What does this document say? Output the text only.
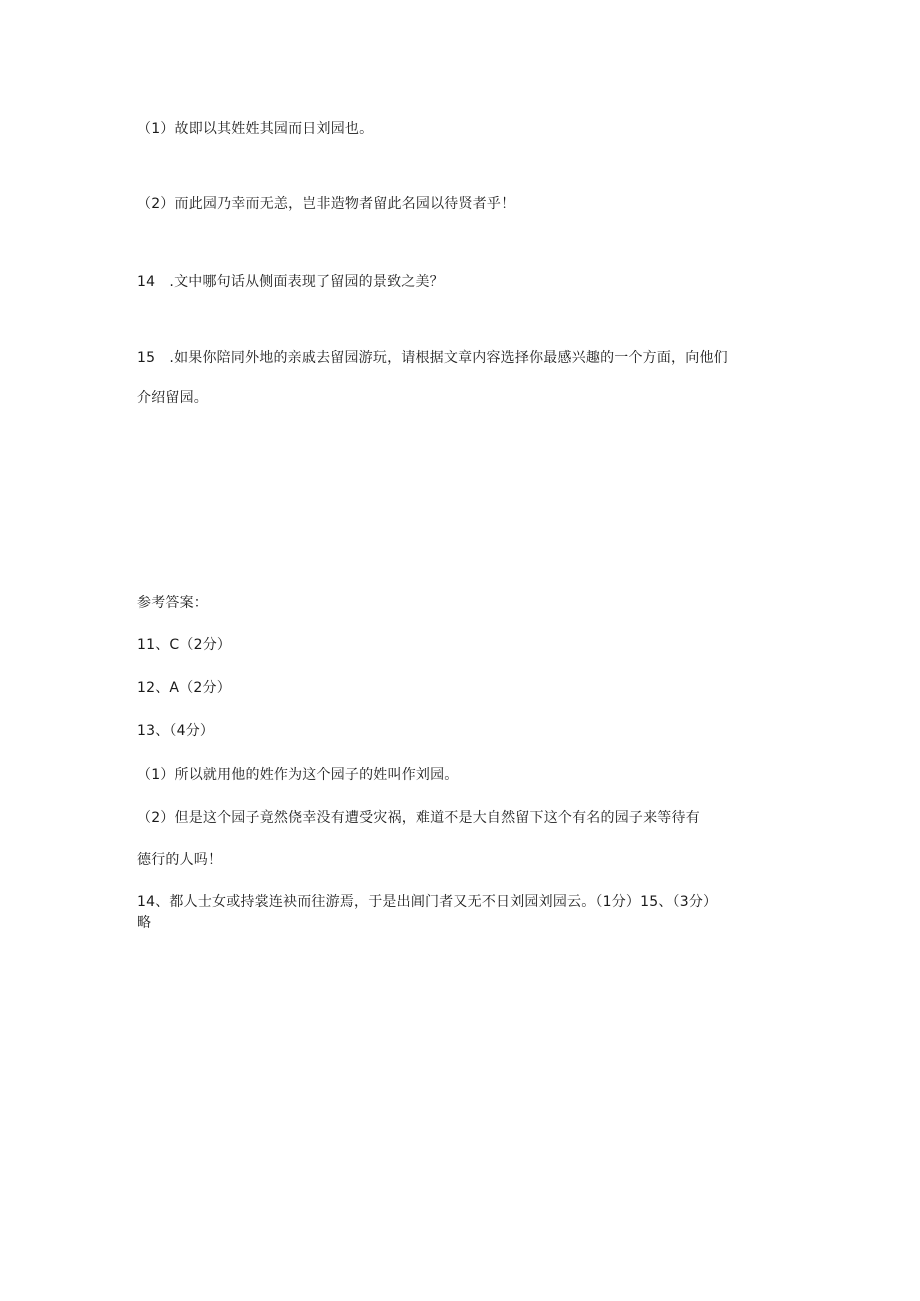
（1）故即以其姓姓其园而日刘园也。
（2）而此园乃幸而无恙，岂非造物者留此名园以待贤者乎！
14　.文中哪句话从侧面表现了留园的景致之美？
15　.如果你陪同外地的亲戚去留园游玩，请根据文章内容选择你最感兴趣的一个方面，向他们
介绍留园。
参考答案：
11、C（2分）
12、A（2分）
13、（4分）
（1）所以就用他的姓作为这个园子的姓叫作刘园。
（2）但是这个园子竟然侥幸没有遭受灾祸，难道不是大自然留下这个有名的园子来等待有
德行的人吗！
14、都人士女或持裳连袂而往游焉，于是出阊门者又无不日刘园刘园云。（1分）15、（3分）
略
